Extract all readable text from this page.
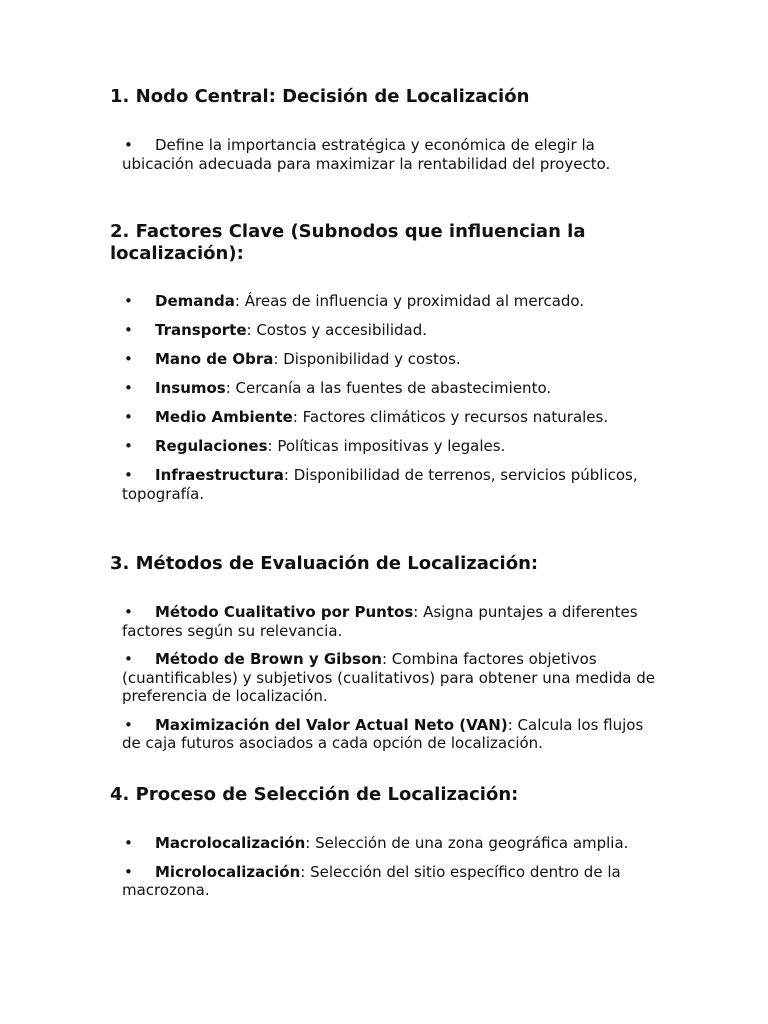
1. Nodo Central: Decisión de Localización
• Define la importancia estratégica y económica de elegir la ubicación adecuada para maximizar la rentabilidad del proyecto.
2. Factores Clave (Subnodos que influencian la localización):
• Demanda: Áreas de influencia y proximidad al mercado.
• Transporte: Costos y accesibilidad.
• Mano de Obra: Disponibilidad y costos.
• Insumos: Cercanía a las fuentes de abastecimiento.
• Medio Ambiente: Factores climáticos y recursos naturales.
• Regulaciones: Políticas impositivas y legales.
• Infraestructura: Disponibilidad de terrenos, servicios públicos, topografía.
3. Métodos de Evaluación de Localización:
• Método Cualitativo por Puntos: Asigna puntajes a diferentes factores según su relevancia.
• Método de Brown y Gibson: Combina factores objetivos (cuantificables) y subjetivos (cualitativos) para obtener una medida de preferencia de localización.
• Maximización del Valor Actual Neto (VAN): Calcula los flujos de caja futuros asociados a cada opción de localización.
4. Proceso de Selección de Localización:
• Macrolocalización: Selección de una zona geográfica amplia.
• Microlocalización: Selección del sitio específico dentro de la macrozona.
